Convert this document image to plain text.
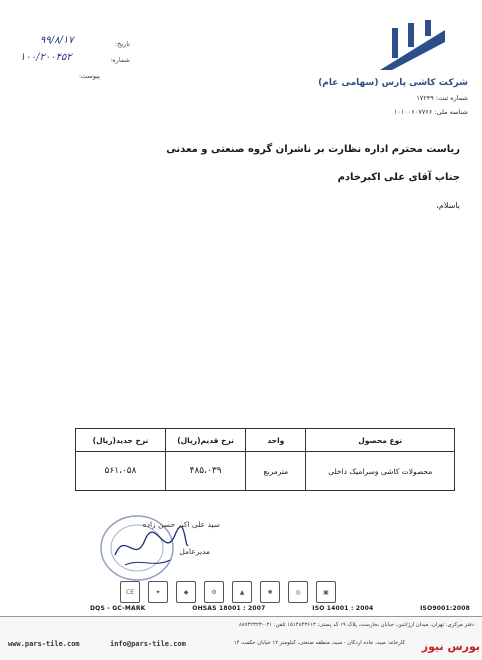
تاریخ:
۹۹/۸/۱۷
شماره:
۱۰۰/۲۰۰۴۵۲
پیوست:
شرکت کاشی پارس (سهامی عام)
شماره ثبت: ۱۷۲۴۹
شناسه ملی: ۱۰۱۰۰۶۰۷۷۶۶
ریاست محترم اداره نظارت بر ناشران گروه صنعتی و معدنی
جناب آقای علی اکبرخادم
باسلام،
نوع محصول	واحد	نرخ قدیم(ریال)	نرخ جدید(ریال)
محصولات کاشی وسرامیک داخلی	مترمربع	۴۸۵،۰۳۹	۵۶۱،۰۵۸
سید علی اکبر حسن زاده
مدیرعامل
CE	✦	◆	⚙	▲	✺	◎	▣
DQS - GC-MARK	OHSAS 18001 : 2007	ISO 14001 : 2004	ISO9001:2008
دفتر مرکزی: تهران، میدان آرژانتین، خیابان بخارست، پلاک ۱۹ کد پستی: ۱۵۱۴۸۴۳۶۱۳ تلفن: ۰۲۱-۸۸۷۴۲۳۲۳
www.pars-tile.com	info@pars-tile.com	کارخانه: میبد، جاده اردکان - میبد، منطقه صنعتی، کیلومتر ۱۲ خیابان حکمت ۱۴	بورس نیوز
